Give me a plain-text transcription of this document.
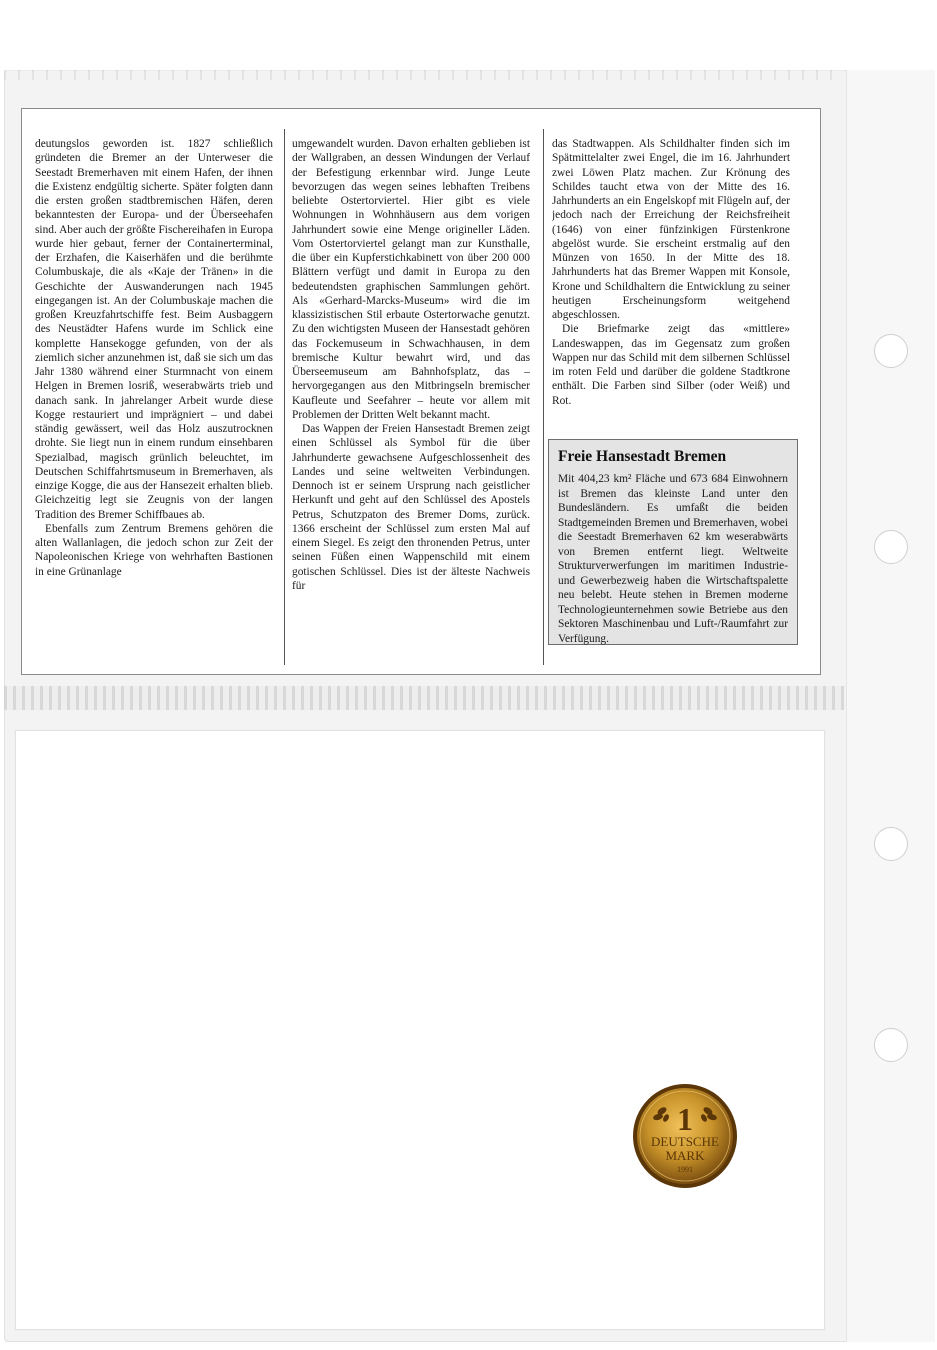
deutungslos geworden ist. 1827 schließlich gründeten die Bremer an der Unterweser die Seestadt Bremerhaven mit einem Hafen, der ihnen die Existenz endgültig sicherte. Später folgten dann die ersten großen stadtbremischen Häfen, deren bekanntesten der Europa- und der Überseehafen sind. Aber auch der größte Fischereihafen in Europa wurde hier gebaut, ferner der Containerterminal, der Erzhafen, die Kaiserhäfen und die berühmte Columbuskaje, die als «Kaje der Tränen» in die Geschichte der Auswanderungen nach 1945 eingegangen ist. An der Columbuskaje machen die großen Kreuzfahrtschiffe fest. Beim Ausbaggern des Neustädter Hafens wurde im Schlick eine komplette Hansekogge gefunden, von der als ziemlich sicher anzunehmen ist, daß sie sich um das Jahr 1380 während einer Sturmnacht von einem Helgen in Bremen losriß, weserabwärts trieb und danach sank. In jahrelanger Arbeit wurde diese Kogge restauriert und imprägniert – und dabei ständig gewässert, weil das Holz auszutrocknen drohte. Sie liegt nun in einem rundum einsehbaren Spezialbad, magisch grünlich beleuchtet, im Deutschen Schiffahrtsmuseum in Bremerhaven, als einzige Kogge, die aus der Hansezeit erhalten blieb. Gleichzeitig legt sie Zeugnis von der langen Tradition des Bremer Schiffbaues ab.

Ebenfalls zum Zentrum Bremens gehören die alten Wallanlagen, die jedoch schon zur Zeit der Napoleonischen Kriege von wehrhaften Bastionen in eine Grünanlage

umgewandelt wurden. Davon erhalten geblieben ist der Wallgraben, an dessen Windungen der Verlauf der Befestigung erkennbar wird. Junge Leute bevorzugen das wegen seines lebhaften Treibens beliebte Ostertorviertel. Hier gibt es viele Wohnungen in Wohnhäusern aus dem vorigen Jahrhundert sowie eine Menge origineller Läden. Vom Ostertorviertel gelangt man zur Kunsthalle, die über ein Kupferstichkabinett von über 200 000 Blättern verfügt und damit in Europa zu den bedeutendsten graphischen Sammlungen gehört. Als «Gerhard-Marcks-Museum» wird die im klassizistischen Stil erbaute Ostertorwache genutzt. Zu den wichtigsten Museen der Hansestadt gehören das Fockemuseum in Schwachhausen, in dem bremische Kultur bewahrt wird, und das Überseemuseum am Bahnhofsplatz, das – hervorgegangen aus den Mitbringseln bremischer Kaufleute und Seefahrer – heute vor allem mit Problemen der Dritten Welt bekannt macht.

Das Wappen der Freien Hansestadt Bremen zeigt einen Schlüssel als Symbol für die über Jahrhunderte gewachsene Aufgeschlossenheit des Landes und seine weltweiten Verbindungen. Dennoch ist er seinem Ursprung nach geistlicher Herkunft und geht auf den Schlüssel des Apostels Petrus, Schutzpaton des Bremer Doms, zurück. 1366 erscheint der Schlüssel zum ersten Mal auf einem Siegel. Es zeigt den thronenden Petrus, unter seinen Füßen einen Wappenschild mit einem gotischen Schlüssel. Dies ist der älteste Nachweis für

das Stadtwappen. Als Schildhalter finden sich im Spätmittelalter zwei Engel, die im 16. Jahrhundert zwei Löwen Platz machen. Zur Krönung des Schildes taucht etwa von der Mitte des 16. Jahrhunderts an ein Engelskopf mit Flügeln auf, der jedoch nach der Erreichung der Reichsfreiheit (1646) von einer fünfzinkigen Fürstenkrone abgelöst wurde. Sie erscheint erstmalig auf den Münzen von 1650. In der Mitte des 18. Jahrhunderts hat das Bremer Wappen mit Konsole, Krone und Schildhaltern die Entwicklung zu seiner heutigen Erscheinungsform weitgehend abgeschlossen.

Die Briefmarke zeigt das «mittlere» Landeswappen, das im Gegensatz zum großen Wappen nur das Schild mit dem silbernen Schlüssel im roten Feld und darüber die goldene Stadtkrone enthält. Die Farben sind Silber (oder Weiß) und Rot.

Freie Hansestadt Bremen

Mit 404,23 km² Fläche und 673 684 Einwohnern ist Bremen das kleinste Land unter den Bundesländern. Es umfaßt die beiden Stadtgemeinden Bremen und Bremerhaven, wobei die Seestadt Bremerhaven 62 km weserabwärts von Bremen entfernt liegt. Weltweite Strukturverwerfungen im maritimen Industrie- und Gewerbezweig haben die Wirtschaftspalette neu belebt. Heute stehen in Bremen moderne Technologieunternehmen sowie Betriebe aus den Sektoren Maschinenbau und Luft-/Raumfahrt zur Verfügung.

1
DEUTSCHE
MARK
1991
